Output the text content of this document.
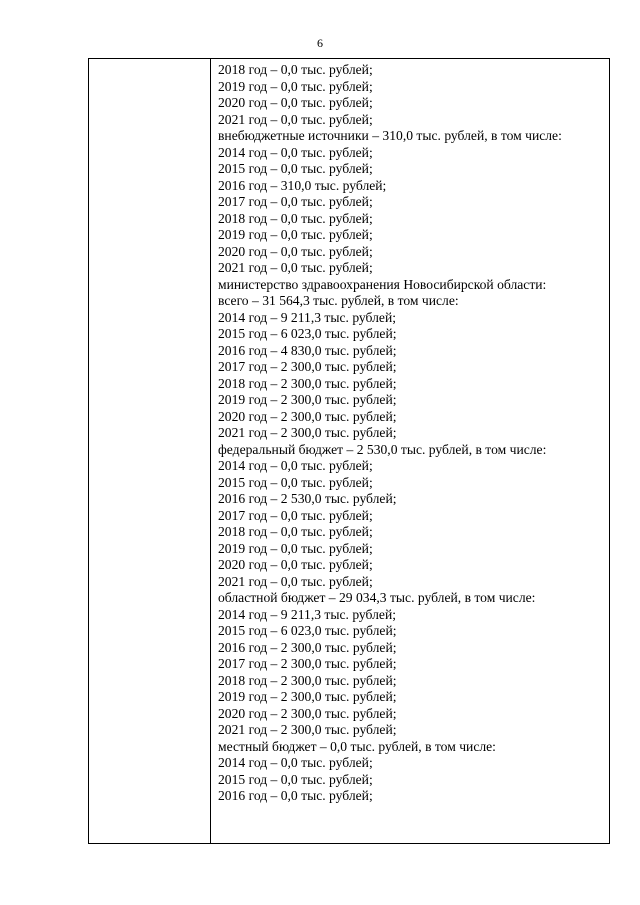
6
2018 год – 0,0 тыс. рублей;
2019 год – 0,0 тыс. рублей;
2020 год – 0,0 тыс. рублей;
2021 год – 0,0 тыс. рублей;
внебюджетные источники – 310,0 тыс. рублей, в том числе:
2014 год – 0,0 тыс. рублей;
2015 год – 0,0 тыс. рублей;
2016 год – 310,0 тыс. рублей;
2017 год – 0,0 тыс. рублей;
2018 год – 0,0 тыс. рублей;
2019 год – 0,0 тыс. рублей;
2020 год – 0,0 тыс. рублей;
2021 год – 0,0 тыс. рублей;
министерство здравоохранения Новосибирской области:
всего – 31 564,3 тыс. рублей, в том числе:
2014 год – 9 211,3 тыс. рублей;
2015 год – 6 023,0 тыс. рублей;
2016 год – 4 830,0 тыс. рублей;
2017 год – 2 300,0 тыс. рублей;
2018 год – 2 300,0 тыс. рублей;
2019 год – 2 300,0 тыс. рублей;
2020 год – 2 300,0 тыс. рублей;
2021 год – 2 300,0 тыс. рублей;
федеральный бюджет – 2 530,0 тыс. рублей, в том числе:
2014 год – 0,0 тыс. рублей;
2015 год – 0,0 тыс. рублей;
2016 год – 2 530,0 тыс. рублей;
2017 год – 0,0 тыс. рублей;
2018 год – 0,0 тыс. рублей;
2019 год – 0,0 тыс. рублей;
2020 год – 0,0 тыс. рублей;
2021 год – 0,0 тыс. рублей;
областной бюджет – 29 034,3 тыс. рублей, в том числе:
2014 год – 9 211,3 тыс. рублей;
2015 год – 6 023,0 тыс. рублей;
2016 год – 2 300,0 тыс. рублей;
2017 год – 2 300,0 тыс. рублей;
2018 год – 2 300,0 тыс. рублей;
2019 год – 2 300,0 тыс. рублей;
2020 год – 2 300,0 тыс. рублей;
2021 год – 2 300,0 тыс. рублей;
местный бюджет – 0,0 тыс. рублей, в том числе:
2014 год – 0,0 тыс. рублей;
2015 год – 0,0 тыс. рублей;
2016 год – 0,0 тыс. рублей;
